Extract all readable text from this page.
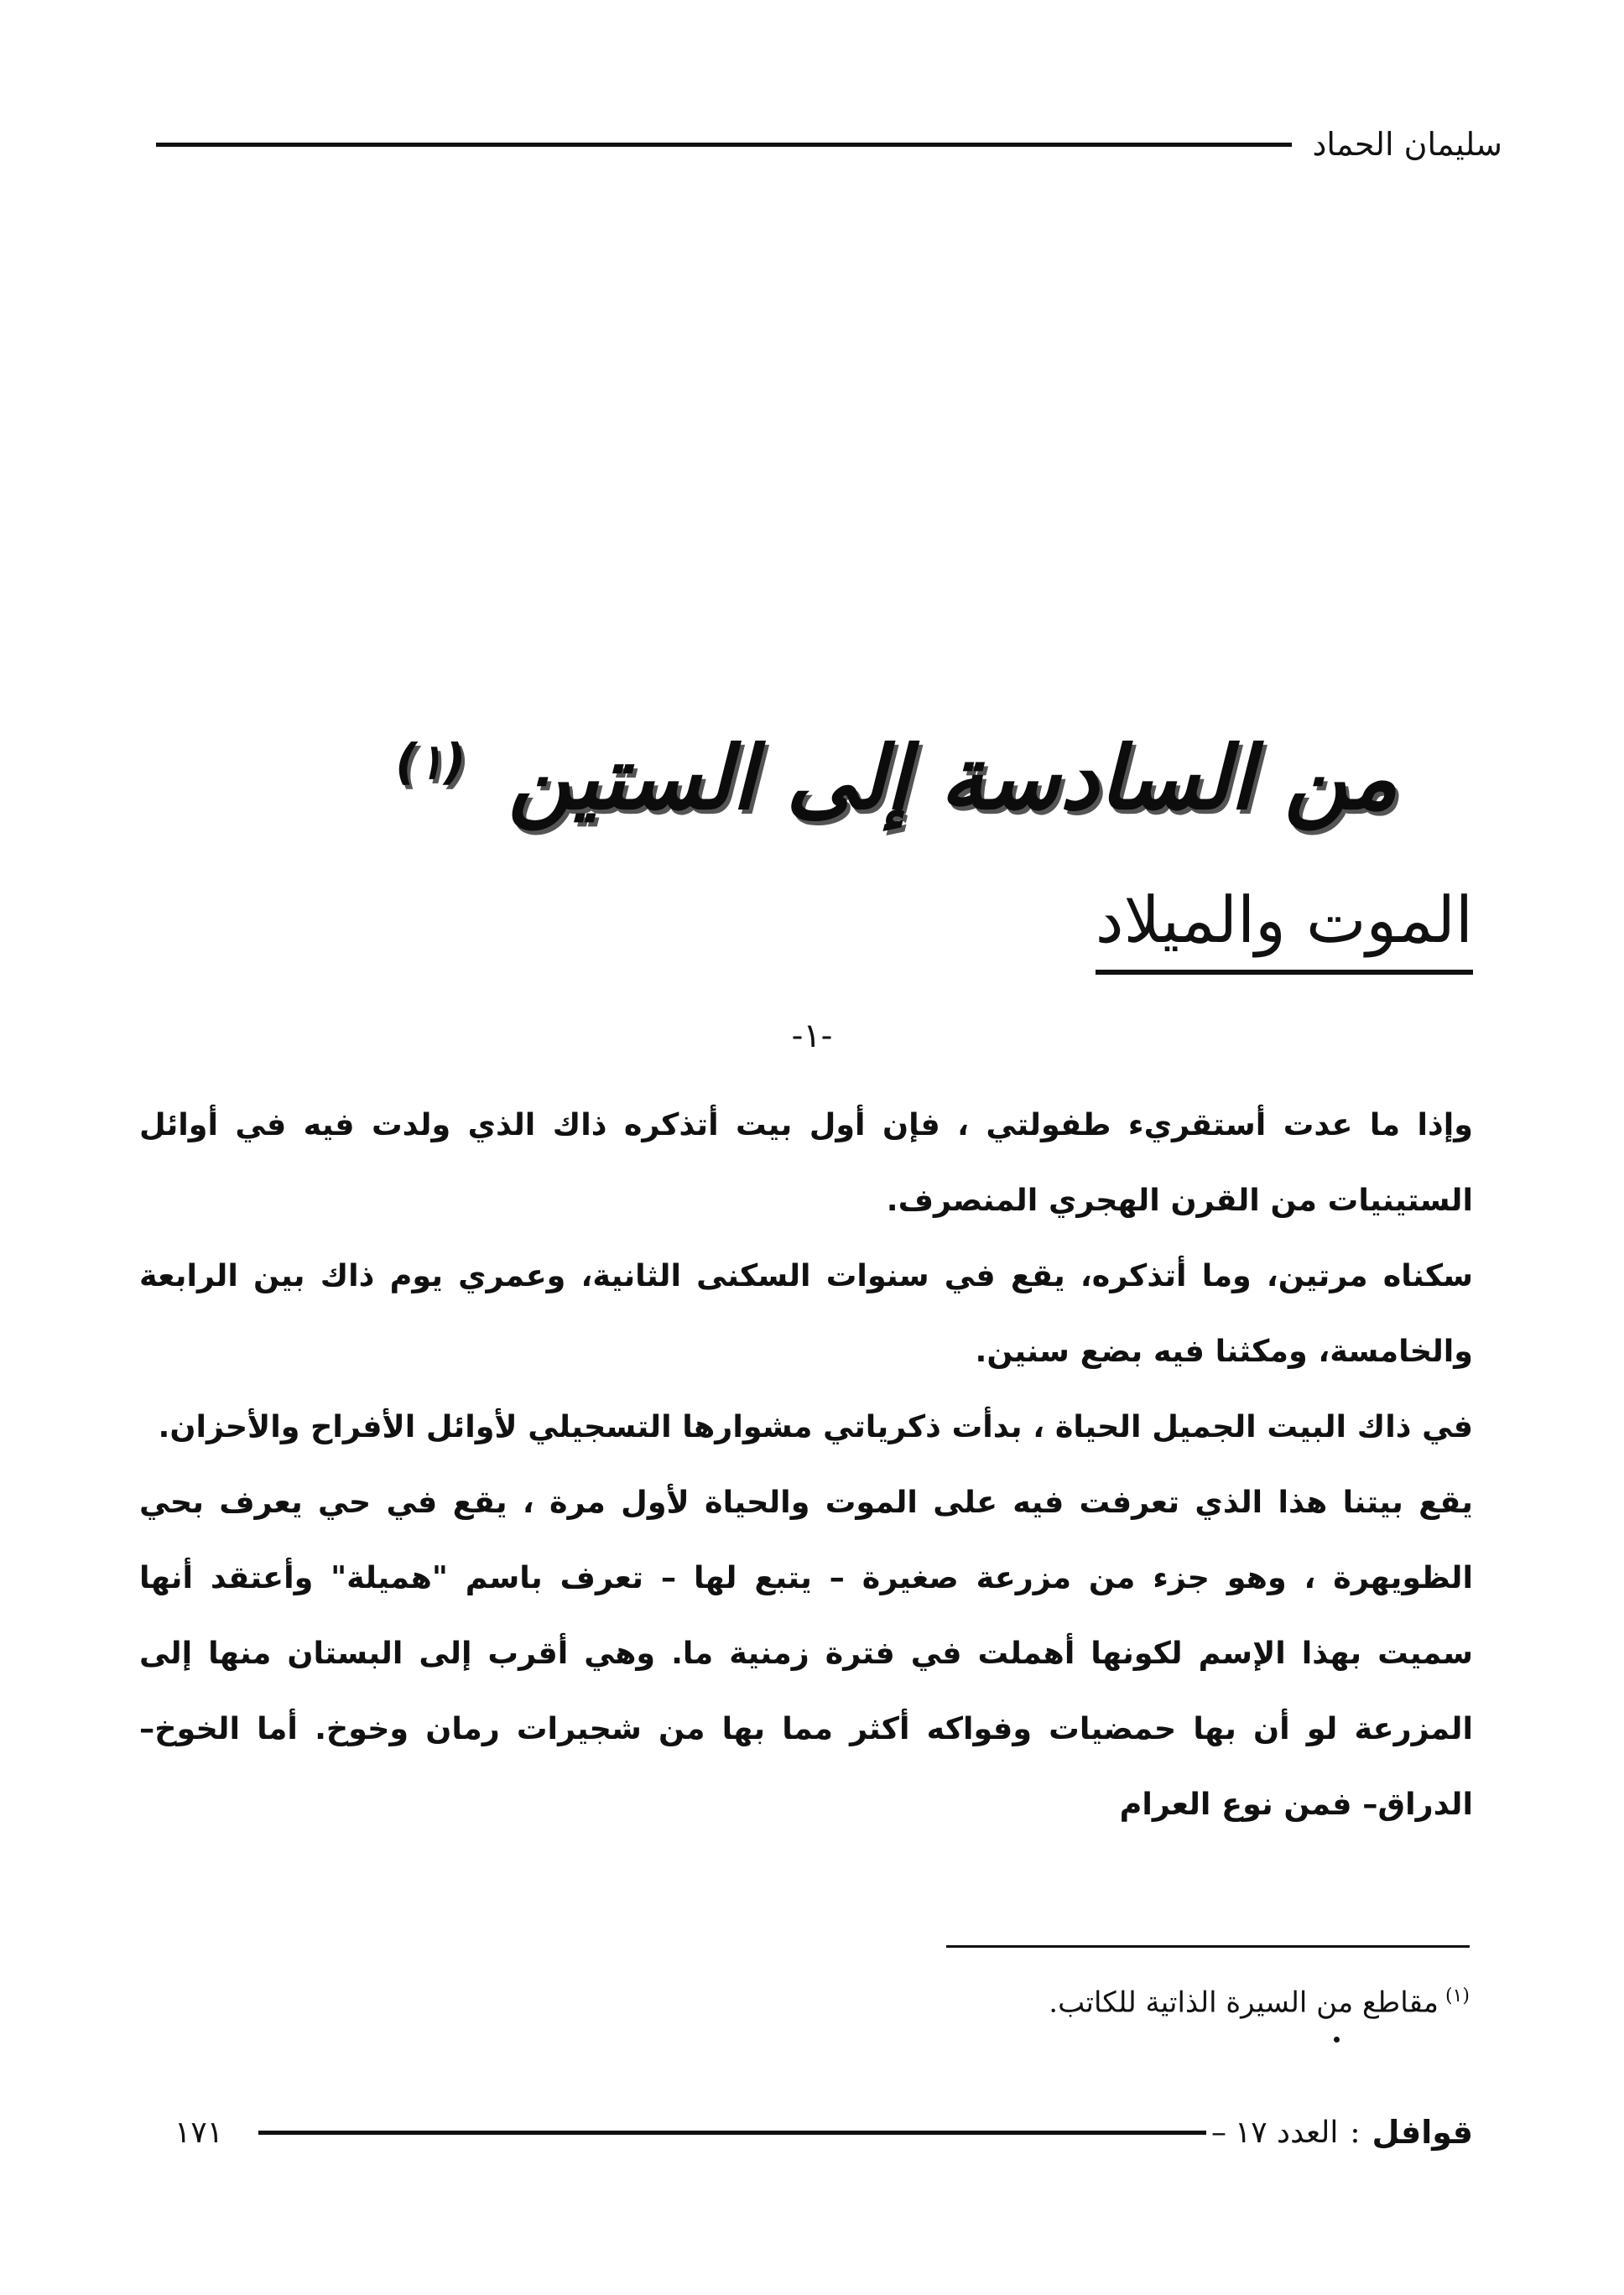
سليمان الحماد
من السادسة إلى الستين $^{(١)}$
الموت والميلاد
-١-

وإذا ما عدت أستقريء طفولتي ، فإن أول بيت أتذكره ذاك الذي ولدت فيه في أوائل الستينيات من القرن الهجري المنصرف.

سكناه مرتين، وما أتذكره، يقع في سنوات السكنى الثانية، وعمري يوم ذاك بين الرابعة والخامسة، ومكثنا فيه بضع سنين.

في ذاك البيت الجميل الحياة ، بدأت ذكرياتي مشوارها التسجيلي لأوائل الأفراح والأحزان.

يقع بيتنا هذا الذي تعرفت فيه على الموت والحياة لأول مرة ، يقع في حي يعرف بحي الظويهرة ، وهو جزء من مزرعة صغيرة – يتبع لها – تعرف باسم "هميلة" وأعتقد أنها سميت بهذا الإسم لكونها أهملت في فترة زمنية ما. وهي أقرب إلى البستان منها إلى المزرعة لو أن بها حمضيات وفواكه أكثر مما بها من شجيرات رمان وخوخ. أما الخوخ– الدراق– فمن نوع العرام

$^{(١)}$مقاطع من السيرة الذاتية للكاتب.
قوافل
:
العدد ١٧
–
١٧١
